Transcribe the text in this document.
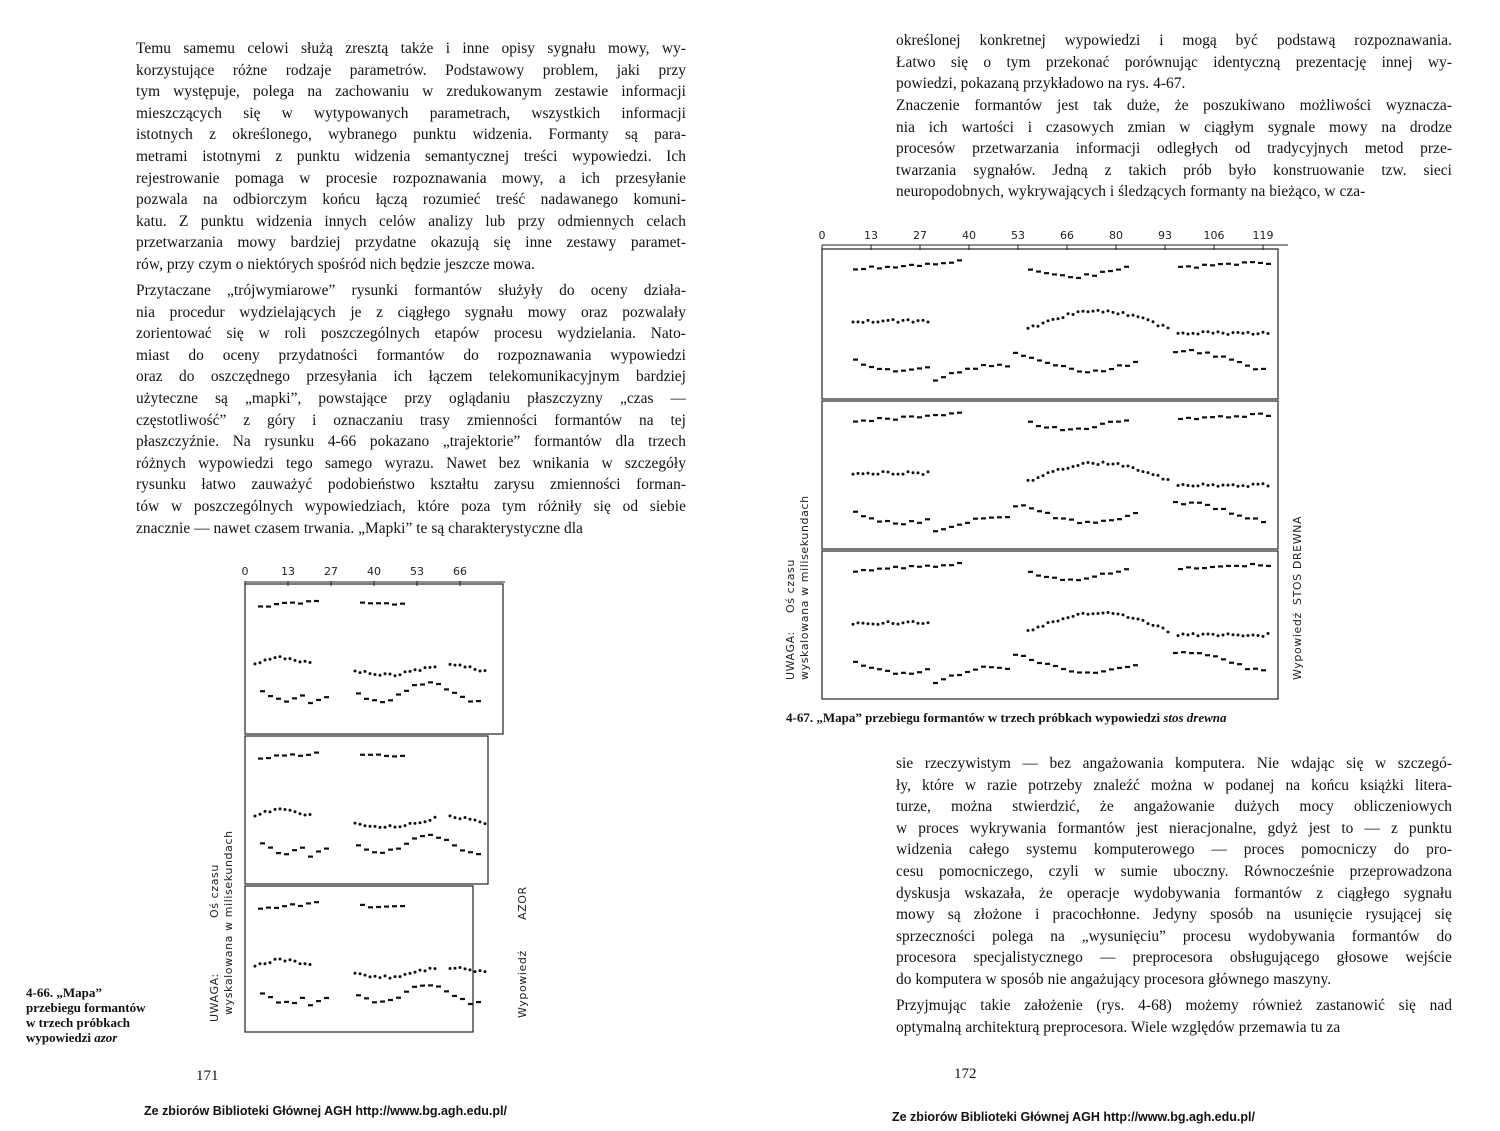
Temu samemu celowi służą zresztą także i inne opisy sygnału mowy, wy-
korzystujące różne rodzaje parametrów. Podstawowy problem, jaki przy
tym występuje, polega na zachowaniu w zredukowanym zestawie informacji
mieszczących się w wytypowanych parametrach, wszystkich informacji
istotnych z określonego, wybranego punktu widzenia. Formanty są para-
metrami istotnymi z punktu widzenia semantycznej treści wypowiedzi. Ich
rejestrowanie pomaga w procesie rozpoznawania mowy, a ich przesyłanie
pozwala na odbiorczym końcu łączą rozumieć treść nadawanego komuni-
katu. Z punktu widzenia innych celów analizy lub przy odmiennych celach
przetwarzania mowy bardziej przydatne okazują się inne zestawy paramet-
rów, przy czym o niektórych spośród nich będzie jeszcze mowa.
Przytaczane „trójwymiarowe” rysunki formantów służyły do oceny działa-
nia procedur wydzielających je z ciągłego sygnału mowy oraz pozwalały
zorientować się w roli poszczególnych etapów procesu wydzielania. Nato-
miast do oceny przydatności formantów do rozpoznawania wypowiedzi
oraz do oszczędnego przesyłania ich łączem telekomunikacyjnym bardziej
użyteczne są „mapki”, powstające przy oglądaniu płaszczyzny „czas —
częstotliwość” z góry i oznaczaniu trasy zmienności formantów na tej
płaszczyźnie. Na rysunku 4-66 pokazano „trajektorie” formantów dla trzech
różnych wypowiedzi tego samego wyrazu. Nawet bez wnikania w szczegóły
rysunku łatwo zauważyć podobieństwo kształtu zarysu zmienności forman-
tów w poszczególnych wypowiedziach, które poza tym różniły się od siebie
znacznie — nawet czasem trwania. „Mapki” te są charakterystyczne dla
0	13	27	40	53	66
UWAGA: wyskalowana w milisekundach
Oś czasu
Wypowiedź
AZOR

4-66. „Mapa”
przebiegu formantów
w trzech próbkach
wypowiedzi azor

171
Ze zbiorów Biblioteki Głównej AGH http://www.bg.agh.edu.pl/
określonej konkretnej wypowiedzi i mogą być podstawą rozpoznawania.
Łatwo się o tym przekonać porównując identyczną prezentację innej wy-
powiedzi, pokazaną przykładowo na rys. 4-67.
Znaczenie formantów jest tak duże, że poszukiwano możliwości wyznacza-
nia ich wartości i czasowych zmian w ciągłym sygnale mowy na drodze
procesów przetwarzania informacji odległych od tradycyjnych metod prze-
twarzania sygnałów. Jedną z takich prób było konstruowanie tzw. sieci
neuropodobnych, wykrywających i śledzących formanty na bieżąco, w cza-
0	13	27	40	53	66	80	93	106	119
UWAGA: wyskalowana w milisekundach
Oś czasu
Wypowiedź
STOS DREWNA

4-67. „Mapa” przebiegu formantów w trzech próbkach wypowiedzi stos drewna

sie rzeczywistym — bez angażowania komputera. Nie wdając się w szczegó-
ły, które w razie potrzeby znaleźć można w podanej na końcu książki litera-
turze, można stwierdzić, że angażowanie dużych mocy obliczeniowych
w proces wykrywania formantów jest nieracjonalne, gdyż jest to — z punktu
widzenia całego systemu komputerowego — proces pomocniczy do pro-
cesu pomocniczego, czyli w sumie uboczny. Równocześnie przeprowadzona
dyskusja wskazała, że operacje wydobywania formantów z ciągłego sygnału
mowy są złożone i pracochłonne. Jedyny sposób na usunięcie rysującej się
sprzeczności polega na „wysunięciu” procesu wydobywania formantów do
procesora specjalistycznego — preprocesora obsługującego głosowe wejście
do komputera w sposób nie angażujący procesora głównego maszyny.
Przyjmując takie założenie (rys. 4-68) możemy również zastanowić się nad
optymalną architekturą preprocesora. Wiele względów przemawia tu za
172
Ze zbiorów Biblioteki Głównej AGH http://www.bg.agh.edu.pl/
